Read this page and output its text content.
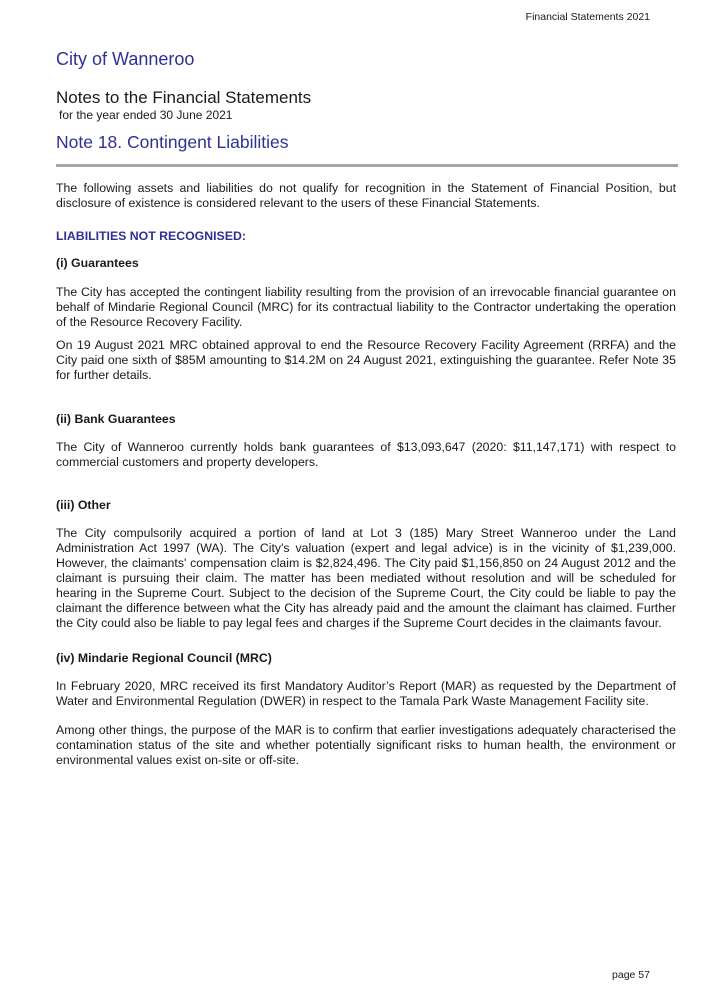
Financial Statements 2021
City of Wanneroo
Notes to the Financial Statements
for the year ended 30 June 2021
Note 18. Contingent Liabilities

The following assets and liabilities do not qualify for recognition in the Statement of Financial Position, but disclosure of existence is considered relevant to the users of these Financial Statements.

LIABILITIES NOT RECOGNISED:

(i) Guarantees

The City has accepted the contingent liability resulting from the provision of an irrevocable financial guarantee on behalf of Mindarie Regional Council (MRC) for its contractual liability to the Contractor undertaking the operation of the Resource Recovery Facility.

On 19 August 2021 MRC obtained approval to end the Resource Recovery Facility Agreement (RRFA) and the City paid one sixth of $85M amounting to $14.2M on 24 August 2021, extinguishing the guarantee. Refer Note 35 for further details.

(ii) Bank Guarantees

The City of Wanneroo currently holds bank guarantees of $13,093,647 (2020: $11,147,171) with respect to commercial customers and property developers.

(iii) Other

The City compulsorily acquired a portion of land at Lot 3 (185) Mary Street Wanneroo under the Land Administration Act 1997 (WA). The City's valuation (expert and legal advice) is in the vicinity of $1,239,000. However, the claimants' compensation claim is $2,824,496. The City paid $1,156,850 on 24 August 2012 and the claimant is pursuing their claim. The matter has been mediated without resolution and will be scheduled for hearing in the Supreme Court. Subject to the decision of the Supreme Court, the City could be liable to pay the claimant the difference between what the City has already paid and the amount the claimant has claimed. Further the City could also be liable to pay legal fees and charges if the Supreme Court decides in the claimants favour.

(iv) Mindarie Regional Council (MRC)

In February 2020, MRC received its first Mandatory Auditor’s Report (MAR) as requested by the Department of Water and Environmental Regulation (DWER) in respect to the Tamala Park Waste Management Facility site.

Among other things, the purpose of the MAR is to confirm that earlier investigations adequately characterised the contamination status of the site and whether potentially significant risks to human health, the environment or environmental values exist on-site or off-site.

page 57
